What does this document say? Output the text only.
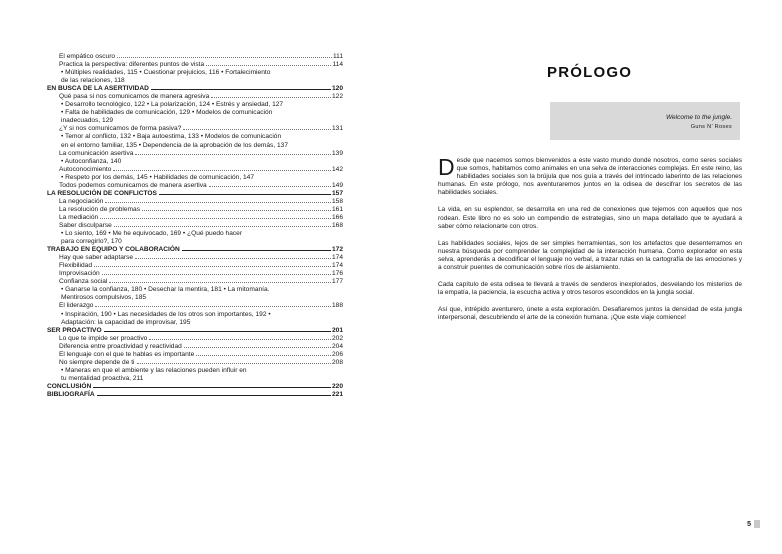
El empático oscuro	111
Practica la perspectiva: diferentes puntos de vista	114
• Múltiples realidades, 115 • Cuestionar prejuicios, 116 • Fortalecimiento
de las relaciones, 118
EN BUSCA DE LA ASERTIVIDAD	120
Qué pasa si nos comunicamos de manera agresiva	122
• Desarrollo tecnológico, 122 • La polarización, 124 • Estrés y ansiedad, 127
• Falta de habilidades de comunicación, 129 • Modelos de comunicación
inadecuados, 129
¿Y si nos comunicamos de forma pasiva?	131
• Temor al conflicto, 132 • Baja autoestima, 133 • Modelos de comunicación
en el entorno familiar, 135 • Dependencia de la aprobación de los demás, 137
La comunicación asertiva	139
• Autoconfianza, 140
Autoconocimiento	142
• Respeto por los demás, 145 • Habilidades de comunicación, 147
Todos podemos comunicarnos de manera asertiva	149
LA RESOLUCIÓN DE CONFLICTOS	157
La negociación	158
La resolución de problemas	161
La mediación	166
Saber disculparse	168
• Lo siento, 169 • Me he equivocado, 169 • ¿Qué puedo hacer
para corregirlo?, 170
TRABAJO EN EQUIPO Y COLABORACIÓN	172
Hay que saber adaptarse	174
Flexibilidad	174
Improvisación	176
Confianza social	177
• Ganarse la confianza, 180 • Desechar la mentira, 181 • La mitomanía.
Mentirosos compulsivos, 185
El liderazgo	188
• Inspiración, 190 • Las necesidades de los otros son importantes, 192 •
Adaptación: la capacidad de improvisar, 195
SER PROACTIVO	201
Lo que te impide ser proactivo	202
Diferencia entre proactividad y reactividad	204
El lenguaje con el que te hablas es importante	206
No siempre depende de ti	208
• Maneras en que el ambiente y las relaciones pueden influir en
tu mentalidad proactiva, 211
CONCLUSIÓN	220
BIBLIOGRAFÍA	221
PRÓLOGO
Welcome to the jungle.
Guns N’ Roses

Desde que nacemos somos bienvenidos a este vasto mundo donde nosotros, como seres sociales que somos, habitamos como animales en una selva de interacciones complejas. En este reino, las habilidades sociales son la brújula que nos guía a través del intrincado laberinto de las relaciones humanas. En este prólogo, nos aventuraremos juntos en la odisea de descifrar los secretos de las habilidades sociales.

La vida, en su esplendor, se desarrolla en una red de conexiones que tejemos con aquellos que nos rodean. Este libro no es solo un compendio de estrategias, sino un mapa detallado que te ayudará a saber cómo relacionarte con otros.

Las habilidades sociales, lejos de ser simples herramientas, son los artefactos que desenterramos en nuestra búsqueda por comprender la complejidad de la interacción humana. Como explorador en esta selva, aprenderás a decodificar el lenguaje no verbal, a trazar rutas en la cartografía de las emociones y a construir puentes de comunicación sobre ríos de aislamiento.

Cada capítulo de esta odisea te llevará a través de senderos inexplorados, desvelando los misterios de la empatía, la paciencia, la escucha activa y otros tesoros escondidos en la jungla social.

Así que, intrépido aventurero, únete a esta exploración. Desafiaremos juntos la densidad de esta jungla interpersonal, descubriendo el arte de la conexión humana. ¡Que este viaje comience!

5
